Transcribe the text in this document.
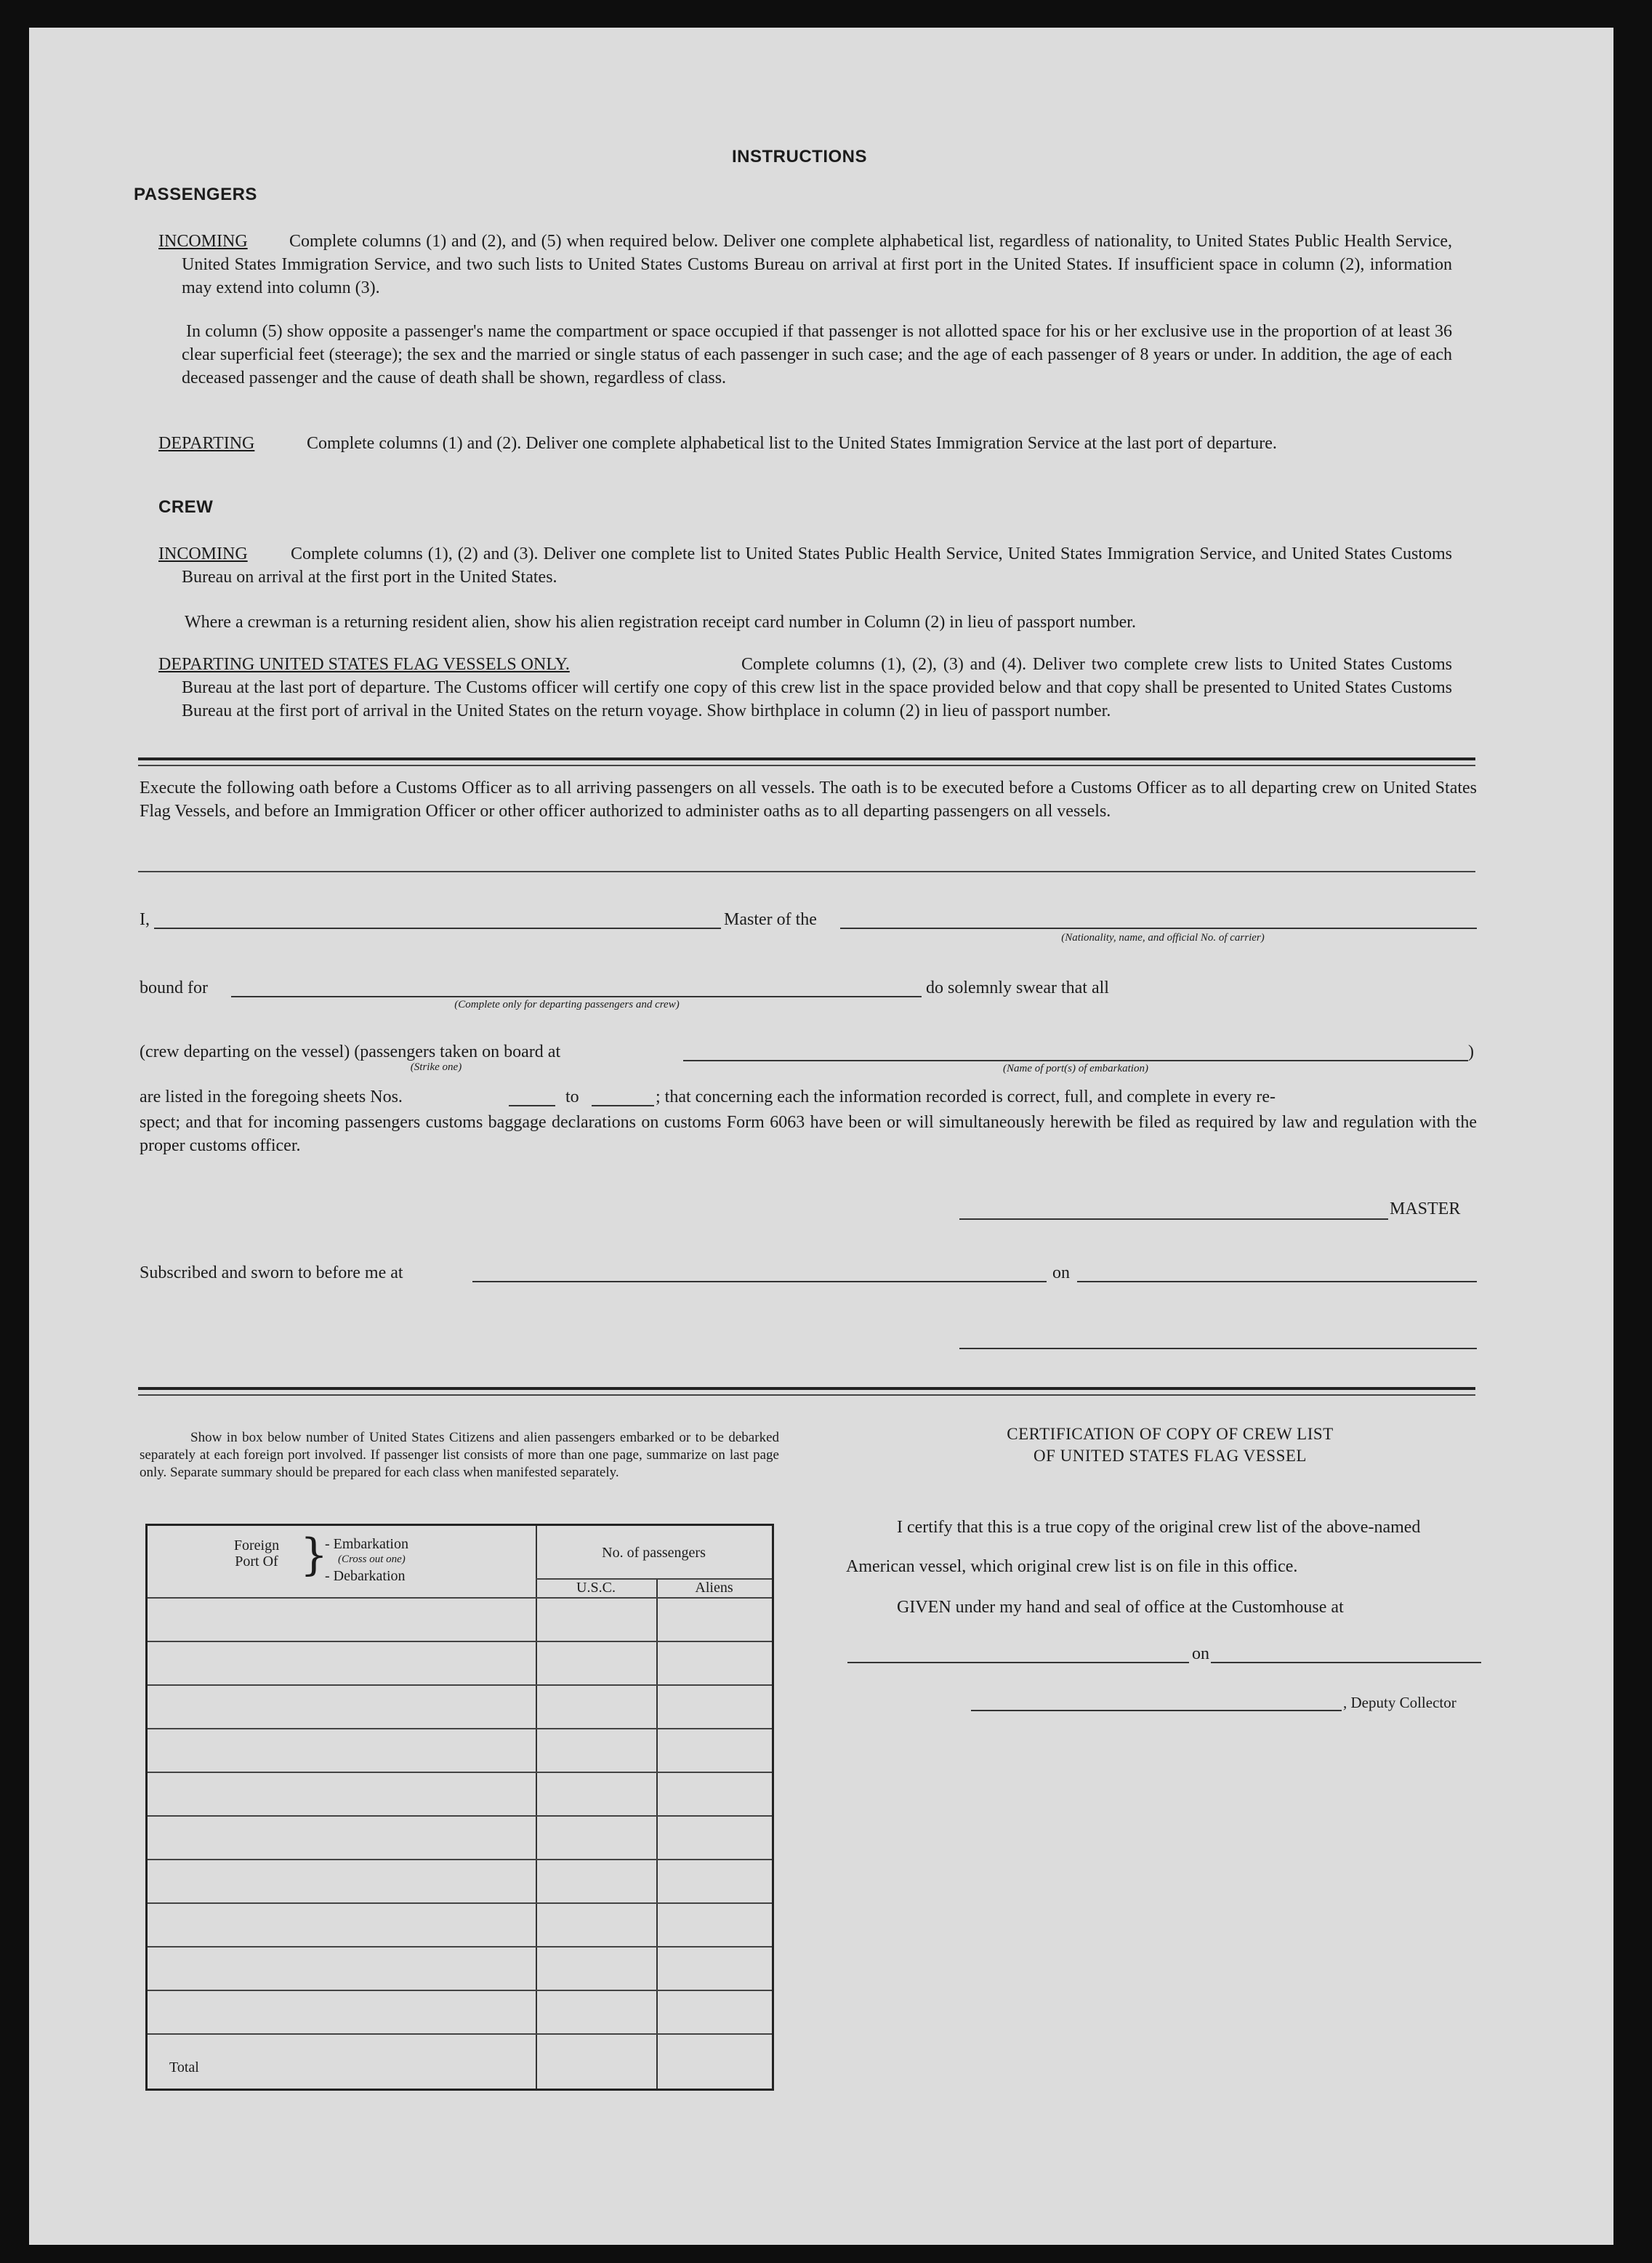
INSTRUCTIONS
PASSENGERS
INCOMING	Complete columns (1) and (2), and (5) when required below. Deliver one complete alphabetical list, regardless of nationality, to United States Public Health Service, United States Immigration Service, and two such lists to United States Customs Bureau on arrival at first port in the United States. If insufficient space in column (2), information may extend into column (3).
In column (5) show opposite a passenger's name the compartment or space occupied if that passenger is not allotted space for his or her exclusive use in the proportion of at least 36 clear superficial feet (steerage); the sex and the married or single status of each passenger in such case; and the age of each passenger of 8 years or under. In addition, the age of each deceased passenger and the cause of death shall be shown, regardless of class.
DEPARTING	Complete columns (1) and (2). Deliver one complete alphabetical list to the United States Immigration Service at the last port of departure.
CREW
INCOMING	Complete columns (1), (2) and (3). Deliver one complete list to United States Public Health Service, United States Immigration Service, and United States Customs Bureau on arrival at the first port in the United States.
Where a crewman is a returning resident alien, show his alien registration receipt card number in Column (2) in lieu of passport number.
DEPARTING UNITED STATES FLAG VESSELS ONLY.	Complete columns (1), (2), (3) and (4). Deliver two complete crew lists to United States Customs Bureau at the last port of departure. The Customs officer will certify one copy of this crew list in the space provided below and that copy shall be presented to United States Customs Bureau at the first port of arrival in the United States on the return voyage. Show birthplace in column (2) in lieu of passport number.
Execute the following oath before a Customs Officer as to all arriving passengers on all vessels. The oath is to be executed before a Customs Officer as to all departing crew on United States Flag Vessels, and before an Immigration Officer or other officer authorized to administer oaths as to all departing passengers on all vessels.
I,	Master of the
(Nationality, name, and official No. of carrier)
bound for	do solemnly swear that all
(Complete only for departing passengers and crew)
(crew departing on the vessel) (passengers taken on board at	)
(Strike one)	(Name of port(s) of embarkation)
are listed in the foregoing sheets Nos.	to	; that concerning each the information recorded is correct, full, and complete in every re-
spect; and that for incoming passengers customs baggage declarations on customs Form 6063 have been or will simultaneously herewith be filed as required by law and regulation with the proper customs officer.
MASTER
Subscribed and sworn to before me at	on
Show in box below number of United States Citizens and alien passengers embarked or to be debarked separately at each foreign port involved. If passenger list consists of more than one page, summarize on last page only. Separate summary should be prepared for each class when manifested separately.
Foreign Port Of }
- Embarkation
(Cross out one)
- Debarkation
No. of passengers
U.S.C.	Aliens
Total
CERTIFICATION OF COPY OF CREW LIST
OF UNITED STATES FLAG VESSEL
I certify that this is a true copy of the original crew list of the above-named
American vessel, which original crew list is on file in this office.
GIVEN under my hand and seal of office at the Customhouse at
on
, Deputy Collector
